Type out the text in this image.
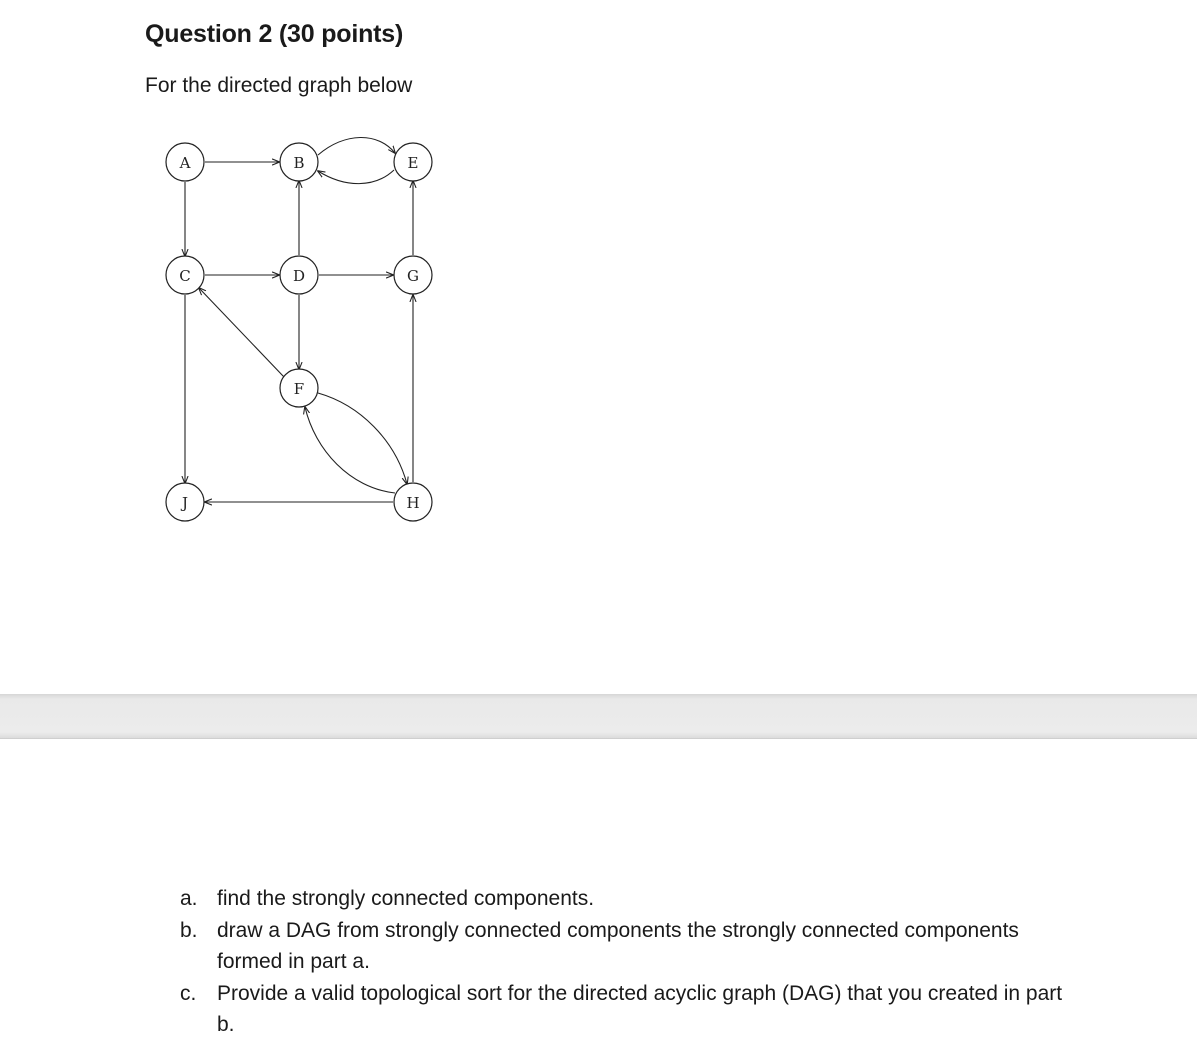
Question 2 (30 points)
For the directed graph below
A	B	E
C	D	G
F
J	H
a. find the strongly connected components.
b. draw a DAG from strongly connected components the strongly connected components formed in part a.
c. Provide a valid topological sort for the directed acyclic graph (DAG) that you created in part b.
